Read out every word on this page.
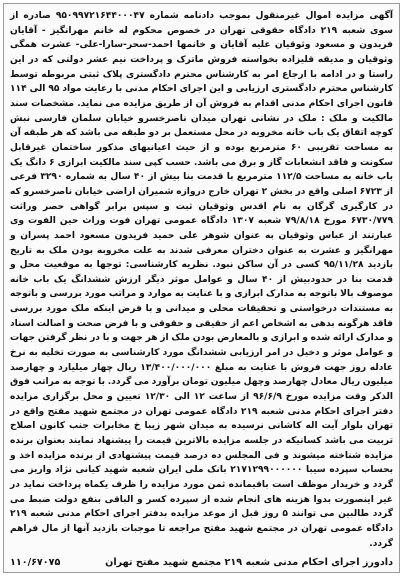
آگهی مزایده اموال غیرمنقول بموجب دادنامه شماره ۹۵۰۹۹۷۲۱۶۴۴۰۰۰۴۷ صادره از سوی شعبه ۲۱۹ دادگاه حقوقی تهران در خصوص محکوم له خانم مهرانگیز - آقایان فریدون و مسعود وثوقیان علیه آقایان و خانمها احمد-سحر-سارا-علی- عشرت همگی وثوقیان و مدیقه قلیزاده بخواسته فروش ماترک و پرداخت نیم عشر دولتی که در این راستا و در ادامه با ارجاع امر به کارشناس محترم دادگستری پلاک ثبتی مربوطه توسط کارشناس محترم دادگستری ارزیابی و این اجرای احکام مدنی با رعایت مواد ۹۵ الی ۱۱۴ قانون اجرای احکام مدنی اقدام به فروش آن از طریق مزایده می نماید. مشخصات سند مالکیت و ملک : ملک در نشانی تهران میدان ناصرخسرو خیابان سلمان فارسی نبش کوچه اتفاق یک باب خانه مخروبه در محل مستعمل بر دو طبقه می باشد که هر طبقه آن به مساحت تقریبی ۶۰ مترمربع بوده و از حیث اعیانیهای مذکور ساختمان غیرقابل سکونت و فاقد انشعابات گاز و برق می باشد. حسب کپی سند مالکیت ابرازی ۶ دانگ یک باب خانه به مساحت ۱۱۲/۵ مترمربع با قدمت بنا بیش از ۴۰ سال به شماره ۳۲۹۰ فرعی از ۶۷۲۳ اصلی واقع در بخش ۲ تهران خارج دروازه شمیران اراضی خیابان ناصرخسرو که در کارگیری گرگان به نام اقدس وثوقیان ثبت و سپس برابر گواهی حصر وراثت ۶۷۳۰/۷۷۹ مورخ ۷۹/۸/۱۸ شعبه ۱۳۰۷ دادگاه عمومی تهران فوت وراث حین الفوت وی عبارتند از عباس وثوقیان به عنوان شوهر علی حمید فریدون مسعود احمد پسران و مهرانگیز و عشرت به عنوان دختران معرفی شدند به علت مخروبه بودن ملک به تاریخ بازدید ۹۵/۱۱/۲۸ کسی در آن ساکن نبود. نظریه کارشناسی: توجها به موقعیت محل و قدمت بنا در حدودبیش از ۴۰ سال و عوامل موثر دیگر ارزش ششدانگ یک باب خانه موصوف بالا باتوجه به مدارک ابرازی و با عنایت به موارد و مراتب مورد بررسی و باتوجه به مستندات درخواستی و تحقیقات محلی و میدانی و با فرض اینکه ملک مورد بررسی فاقد هرگونه بدهی به اشخاص اعم از حقیقی و حقوقی و با فرض صحت و اصالت اسناد و مدارک ارائه شده و ابرازی و بالمعارض بودن ملک از هر جهت و با در نظر گرفتن جهات و عوامل موثر و دخیل در امر ارزیابی ششدانگ مورد کارشناسی به صورت تخلیه به نرخ عادله روز جهت فروش با عنایت به مبلغ ۱۳/۴۰۰/۰۰۰/۰۰۰ ریال چهار میلیارد و چهارصد میلیون ریال معادل چهارصد وچهل میلیون تومان برآورد می گردد. با توجه به مراتب فوق الذکر وقت مزایده مورخ ۹۶/۶/۹ از ساعت ۱۲ الی ۱۲/۳۰ تعیین و محل برگزاری مزایده دفتر اجرای احکام مدنی شعبه ۲۱۹ دادگاه عمومی تهران در مجتمع شهید مفتح واقع در تهران بلوار آیت اله کاشانی نرسیده به میدان شهر زیبا خ مخابرات جنب کانون اصلاح تربیت می باشد کسانیکه در جلسه مزایده بالاترین قیمت را پیشنهاد نمایند بعنوان برنده مزایده شناخته میشوند و فی المجلس ده درصد قیمت پیشنهادی از برنده مزایده اخذ و بحساب سپرده سیبا ۲۱۷۱۲۹۹۰۰۰۰۰۰ بانک ملی ایران شعبه شهید کیانی نژاد واریز می گردد و خریدار موظف است باقیمانده ثمن مورد مزایده را ظرف یکماه پرداخت نماید در غیر اینصورت بدوا هزینه های انجام شده از سپرده کسر و الباقی بنفع دولت ضبط می گردد طالبین می توانند ۵ روز قبل از موعد مزایده بدفتر اجرای احکام مدنی شعبه ۲۱۹ دادگاه عمومی تهران در مجتمع شهید مفتح مراجعه تا موجبات بازدید آنها از مال فراهم گردد.

دادورز اجرای احکام مدنی شعبه ۲۱۹ مجتمع شهید مفتح تهران
۱۱۰/۶۷۰۷۵
